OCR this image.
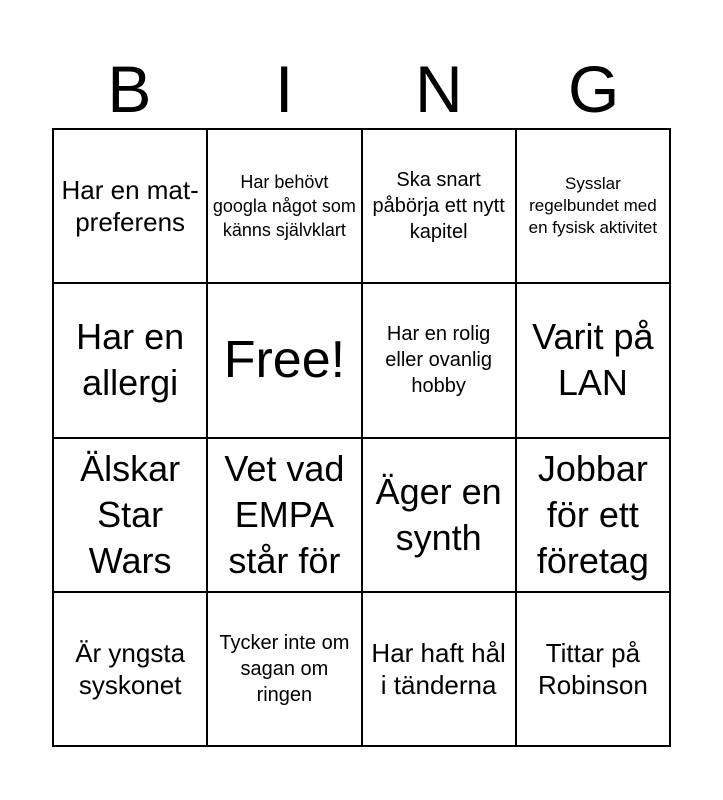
B	I	N	G
Har en mat-preferens
Har behövt googla något som känns självklart
Ska snart påbörja ett nytt kapitel
Sysslar regelbundet med en fysisk aktivitet
Har en allergi Free!	Har en rolig eller ovanlig hobby
Varit på LAN
Älskar Star Wars
Vet vad EMPA står för
Äger en synth
Jobbar för ett företag
Är yngsta syskonet
Tycker inte om sagan om ringen
Har haft hål i tänderna
Tittar på Robinson
